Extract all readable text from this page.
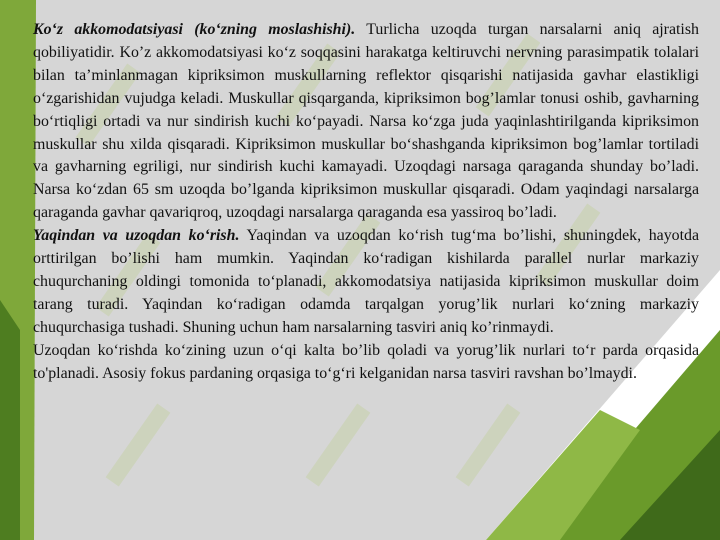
Ko‘z akkomodatsiyasi (ko‘zning moslashishi). Turlicha uzoqda turgan narsalarni aniq ajratish qobiliyatidir. Ko’z akkomodatsiyasi ko‘z soqqasini harakatga keltiruvchi nervning parasimpatik tolalari bilan ta’minlanmagan kipriksimon muskullarning reflektor qisqarishi natijasida gavhar elastikligi o‘zgarishidan vujudga keladi. Muskullar qisqarganda, kipriksimon bog’lamlar tonusi oshib, gavharning bo‘rtiqligi ortadi va nur sindirish kuchi ko‘payadi. Narsa ko‘zga juda yaqinlashtirilganda kipriksimon muskullar shu xilda qisqaradi. Kipriksimon muskullar bo‘shashganda kipriksimon bog’lamlar tortiladi va gavharning egriligi, nur sindirish kuchi kamayadi. Uzoqdagi narsaga qaraganda shunday bo’ladi. Narsa ko‘zdan 65 sm uzoqda bo’lganda kipriksimon muskullar qisqaradi. Odam yaqindagi narsalarga qaraganda gavhar qavariqroq, uzoqdagi narsalarga qaraganda esa yassiroq bo’ladi.

Yaqindan va uzoqdan ko‘rish. Yaqindan va uzoqdan ko‘rish tug‘ma bo’lishi, shuningdek, hayotda orttirilgan bo’lishi ham mumkin. Yaqindan ko‘radigan kishilarda parallel nurlar markaziy chuqurchaning oldingi tomonida to‘planadi, akkomodatsiya natijasida kipriksimon muskullar doim tarang turadi. Yaqindan ko‘radigan odamda tarqalgan yorug’lik nurlari ko‘zning markaziy chuqurchasiga tushadi. Shuning uchun ham narsalarning tasviri aniq ko’rinmaydi.

Uzoqdan ko‘rishda ko‘zining uzun o‘qi kalta bo’lib qoladi va yorug’lik nurlari to‘r parda orqasida to'planadi. Asosiy fokus pardaning orqasiga to‘g‘ri kelganidan narsa tasviri ravshan bo’lmaydi.
